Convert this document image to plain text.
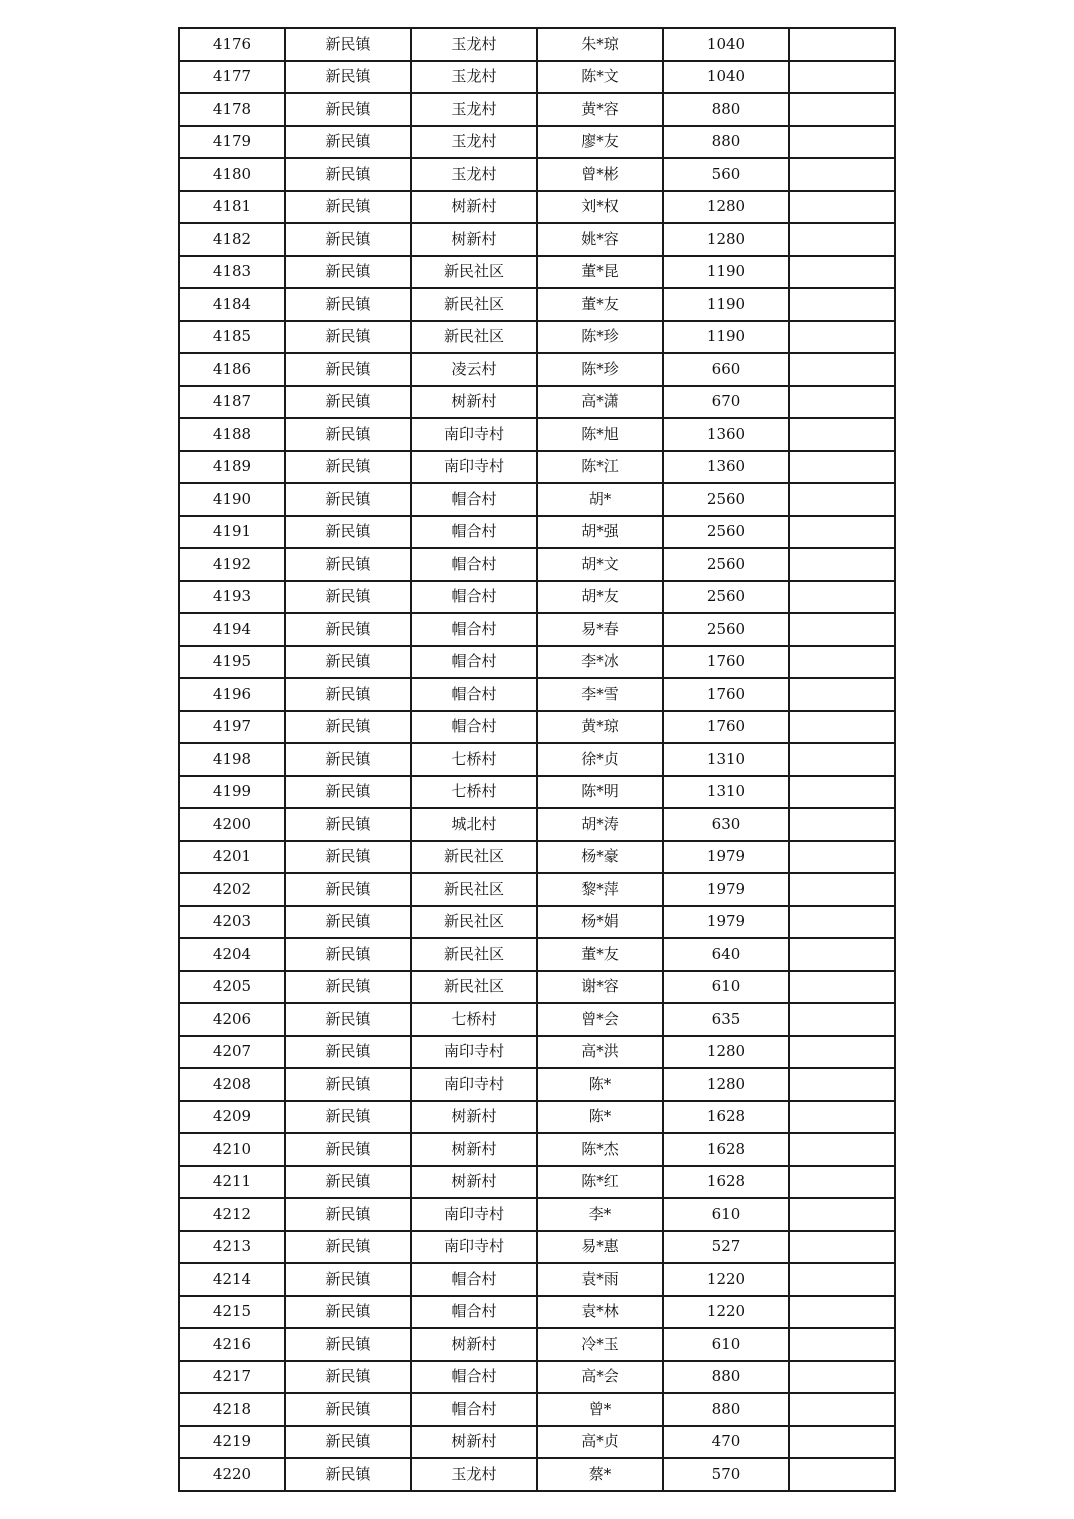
4176	新民镇	玉龙村	朱*琼	1040	
4177	新民镇	玉龙村	陈*文	1040	
4178	新民镇	玉龙村	黄*容	880	
4179	新民镇	玉龙村	廖*友	880	
4180	新民镇	玉龙村	曾*彬	560	
4181	新民镇	树新村	刘*权	1280	
4182	新民镇	树新村	姚*容	1280	
4183	新民镇	新民社区	董*昆	1190	
4184	新民镇	新民社区	董*友	1190	
4185	新民镇	新民社区	陈*珍	1190	
4186	新民镇	凌云村	陈*珍	660	
4187	新民镇	树新村	高*潇	670	
4188	新民镇	南印寺村	陈*旭	1360	
4189	新民镇	南印寺村	陈*江	1360	
4190	新民镇	帽合村	胡*	2560	
4191	新民镇	帽合村	胡*强	2560	
4192	新民镇	帽合村	胡*文	2560	
4193	新民镇	帽合村	胡*友	2560	
4194	新民镇	帽合村	易*春	2560	
4195	新民镇	帽合村	李*冰	1760	
4196	新民镇	帽合村	李*雪	1760	
4197	新民镇	帽合村	黄*琼	1760	
4198	新民镇	七桥村	徐*贞	1310	
4199	新民镇	七桥村	陈*明	1310	
4200	新民镇	城北村	胡*涛	630	
4201	新民镇	新民社区	杨*豪	1979	
4202	新民镇	新民社区	黎*萍	1979	
4203	新民镇	新民社区	杨*娟	1979	
4204	新民镇	新民社区	董*友	640	
4205	新民镇	新民社区	谢*容	610	
4206	新民镇	七桥村	曾*会	635	
4207	新民镇	南印寺村	高*洪	1280	
4208	新民镇	南印寺村	陈*	1280	
4209	新民镇	树新村	陈*	1628	
4210	新民镇	树新村	陈*杰	1628	
4211	新民镇	树新村	陈*红	1628	
4212	新民镇	南印寺村	李*	610	
4213	新民镇	南印寺村	易*惠	527	
4214	新民镇	帽合村	袁*雨	1220	
4215	新民镇	帽合村	袁*林	1220	
4216	新民镇	树新村	冷*玉	610	
4217	新民镇	帽合村	高*会	880	
4218	新民镇	帽合村	曾*	880	
4219	新民镇	树新村	高*贞	470	
4220	新民镇	玉龙村	蔡*	570	
